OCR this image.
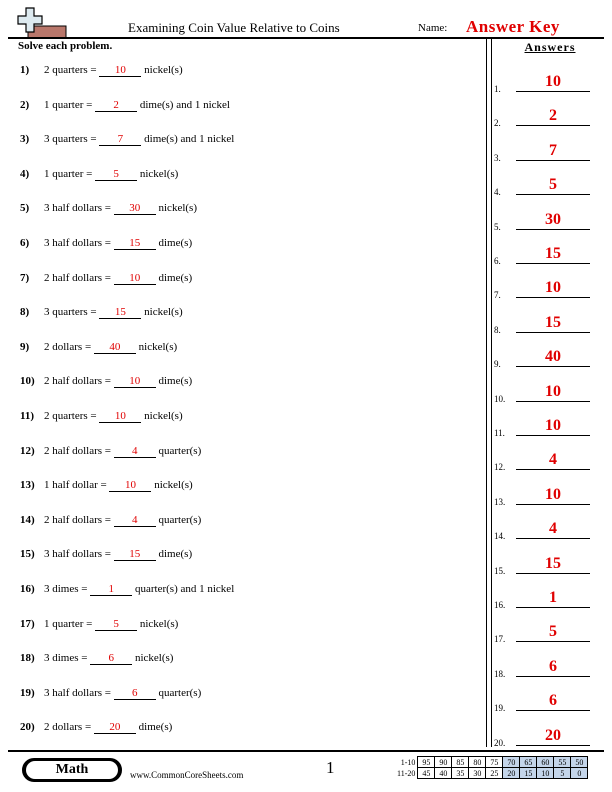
Examining Coin Value Relative to Coins	Name: Answer Key
Solve each problem.	Answers
1) 2 quarters = 10 nickel(s)
2) 1 quarter = 2 dime(s) and 1 nickel
3) 3 quarters = 7 dime(s) and 1 nickel
4) 1 quarter = 5 nickel(s)
5) 3 half dollars = 30 nickel(s)
6) 3 half dollars = 15 dime(s)
7) 2 half dollars = 10 dime(s)
8) 3 quarters = 15 nickel(s)
9) 2 dollars = 40 nickel(s)
10) 2 half dollars = 10 dime(s)
11) 2 quarters = 10 nickel(s)
12) 2 half dollars = 4 quarter(s)
13) 1 half dollar = 10 nickel(s)
14) 2 half dollars = 4 quarter(s)
15) 3 half dollars = 15 dime(s)
16) 3 dimes = 1 quarter(s) and 1 nickel
17) 1 quarter = 5 nickel(s)
18) 3 dimes = 6 nickel(s)
19) 3 half dollars = 6 quarter(s)
20) 2 dollars = 20 dime(s)
1.	10
2.	2
3.	7
4.	5
5.	30
6.	15
7.	10
8.	15
9.	40
10.	10
11.	10
12.	4
13.	10
14.	4
15.	15
16.	1
17.	5
18.	6
19.	6
20.	20
Math	www.CommonCoreSheets.com	1	1-10	95	90	85	80	75	70	65	60	55	50
11-20	45	40	35	30	25	20	15	10	5	0
